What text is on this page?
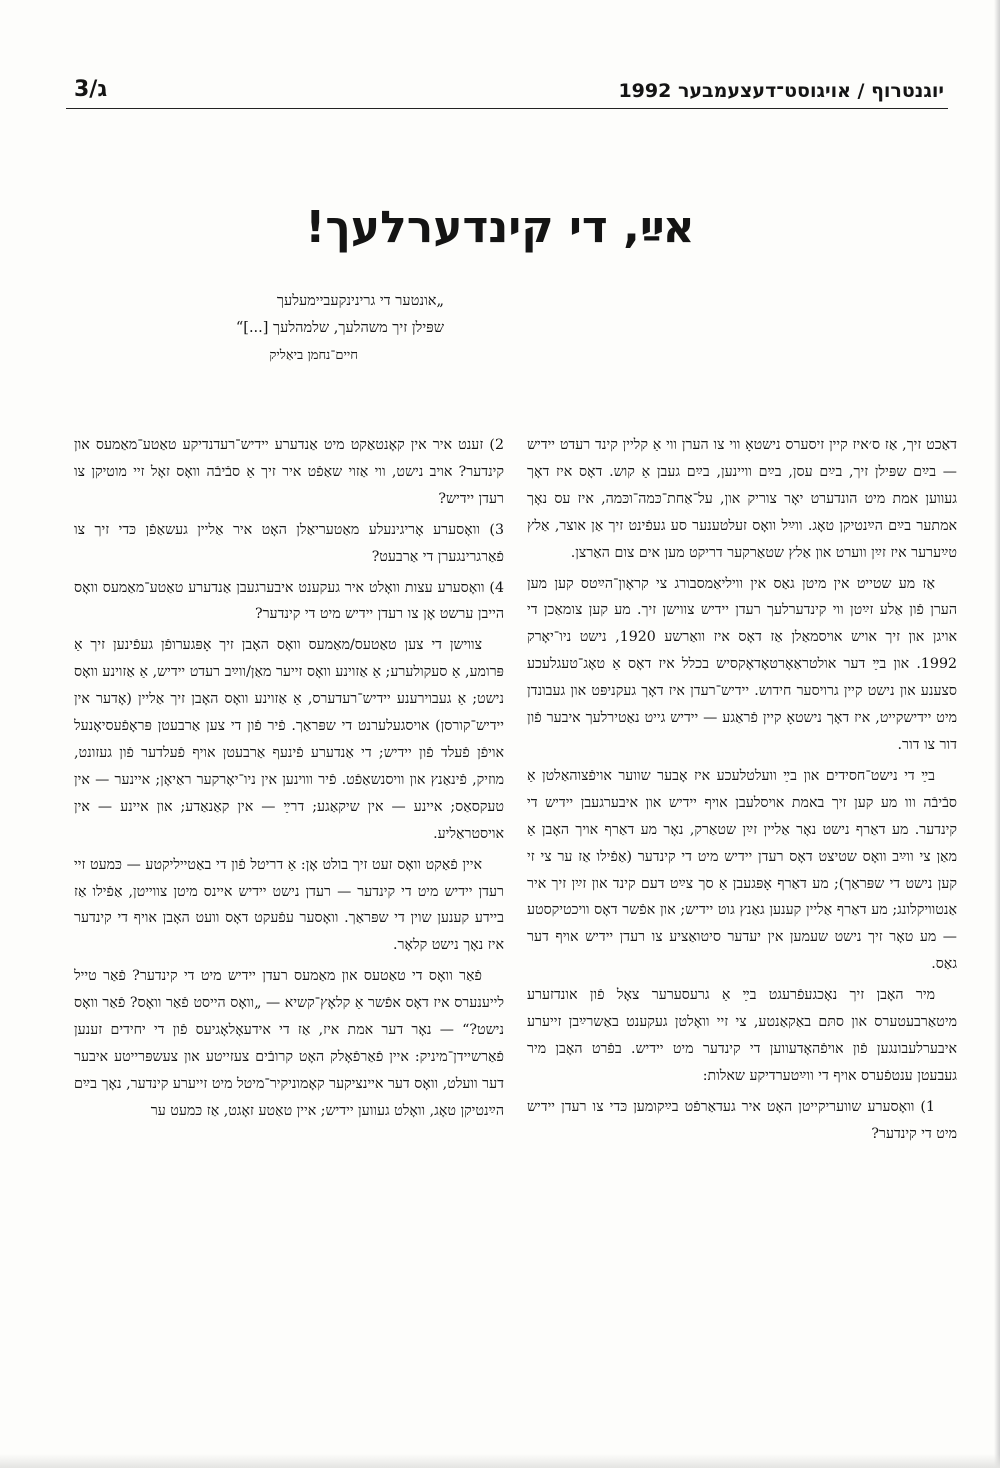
3/ג	יוגנטרוף / אויגוסט־דעצעמבער 1992
אײַ, די קינדערלעך!
„אונטער די גרינינקעביימעלעך
שפּילן זיך משהלעך, שלמהלעך [...]“
חיים־נחמן ביאַליק

דאַכט זיך, אַז ס׳איז קיין זיסערס נישטאָ ווי צו הערן ווי אַ קליין קינד רעדט יידיש — בײַם שפּילן זיך, בײַם עסן, בײַם וויינען, בײַם געבן אַ קוש. דאָס איז דאָך געווען אמת מיט הונדערט יאָר צוריק און, על־אַחת־כּמה־וכּמה, איז עס נאָך אמתער בײַם הײַנטיקן טאָג. ווײַל וואָס זעלטענער סע געפֿינט זיך אַן אוצר, אַלץ טײַערער איז זײַן ווערט און אַלץ שטאַרקער דריקט מען אים צום האַרצן.

אַז מע שטייט אין מיטן גאַס אין וויליאַמסבורג צי קראָון־הײַטס קען מען הערן פֿון אַלע זײַטן ווי קינדערלעך רעדן יידיש צווישן זיך. מע קען צומאַכן די אויגן און זיך אויש אויסמאַלן אַז דאָס איז וואַרשע 1920, נישט ניו־יאָרק 1992. און בײַ דער אולטראַאָרטאָדאָקסיש בכלל איז דאָס אַ טאָג־טעגלעכע סצענע און נישט קיין גרויסער חידוש. יידיש־רעדן איז דאָך געקניפּט און געבונדן מיט יידישקייט, איז דאָך נישטאָ קיין פֿראַגע — יידיש גייט נאַטירלעך איבער פֿון דור צו דור.

בײַ די נישט־חסידים און בײַ וועלטלעכע איז אָבער שווער אויפֿצוהאַלטן אַ סבֿיבֿה ווו מע קען זיך באמת אויסלעבן אויף יידיש און איבערגעבן יידיש די קינדער. מע דאַרף נישט נאָר אַליין זײַן שטאַרק, נאָר מע דאַרף אויך האָבן אַ מאַן צי ווײַב וואָס שטיצט דאָס רעדן יידיש מיט די קינדער (אַפֿילו אַז ער צי זי קען נישט די שפּראַך); מע דאַרף אָפּגעבן אַ סך צײַט דעם קינד און זײַן זיך איר אַנטוויקלונג; מע דאַרף אַליין קענען גאַנץ גוט יידיש; און אפֿשר דאָס וויכטיקסטע — מע טאָר זיך נישט שעמען אין יעדער סיטואַציע צו רעדן יידיש אויף דער גאַס.

מיר האָבן זיך נאָכגעפֿרעגט בײַ אַ גרעסערער צאָל פֿון אונדזערע מיטאַרבעטערס און סתּם באַקאַנטע, צי זיי וואָלטן געקענט באַשרײַבן זייערע איבערלעבונגען פֿון אויפֿהאָדעווען די קינדער מיט יידיש. בפֿרט האָבן מיר געבעטן ענטפֿערס אויף די ווײַטערדיקע שאלות:

1) וואָסערע שוועריקייטן האָט איר געדאַרפֿט בײַקומען כּדי צו רעדן יידיש מיט די קינדער?

2) זענט איר אין קאָנטאַקט מיט אַנדערע יידיש־רעדנדיקע טאַטע־מאַמעס און קינדער? אויב נישט, ווי אַזוי שאַפֿט איר זיך אַ סבֿיבֿה וואָס זאָל זיי מוטיקן צו רעדן יידיש?

3) וואָסערע אָריגינעלע מאַטעריאַלן האָט איר אַליין געשאַפֿן כּדי זיך צו פֿאַרגרינגערן די אַרבעט?

4) וואָסערע עצות וואָלט איר געקענט איבערגעבן אַנדערע טאַטע־מאַמעס וואָס הייבן ערשט אָן צו רעדן יידיש מיט די קינדער?

צווישן די צען טאַטעס/מאַמעס וואָס האָבן זיך אָפּגערופֿן געפֿינען זיך אַ פּרומע, אַ סעקולערע; אַ אַזוינע וואָס זייער מאַן/ווײַב רעדט יידיש, אַ אַזוינע וואָס נישט; אַ געבוירענע יידיש־רעדערס, אַ אַזוינע וואָס האָבן זיך אַליין (אָדער אין יידיש־קורסן) אויסגעלערנט די שפּראַך. פֿיר פֿון די צען אַרבעטן פּראָפֿעסיאָנעל אויפֿן פֿעלד פֿון יידיש; די אַנדערע פֿינעף אַרבעטן אויף פֿעלדער פֿון געזונט, מוזיק, פֿינאַנץ און וויסנשאַפֿט. פֿיר וווינען אין ניו־יאָרקער ראַיאָן; איינער — אין טעקסאַס; איינע — אין שיקאַגע; דרײַ — אין קאַנאַדע; און איינע — אין אויסטראַליע.

איין פֿאַקט וואָס זעט זיך בולט אָן: אַ דריטל פֿון די באַטייליקטע — כּמעט זיי רעדן יידיש מיט די קינדער — רעדן נישט יידיש איינס מיטן צווייטן, אַפֿילו אַז ביידע קענען שוין די שפּראַך. וואָסער עפֿעקט דאָס וועט האָבן אויף די קינדער איז נאָך נישט קלאָר.

פֿאַר וואָס די טאַטעס און מאַמעס רעדן יידיש מיט די קינדער? פֿאַר טייל לייענערס איז דאָס אפֿשר אַ קלאָץ־קשיא — „וואָס הייסט פֿאַר וואָס? פֿאַר וואָס נישט?“ — נאָר דער אמת איז, אַז די אידעאָלאָגיעס פֿון די יחידים זענען פֿאַרשיידן־מיניק: איין פֿאַרפֿאָלק האָט קרובֿים צעזייטע און צעשפּרייטע איבער דער וועלט, וואָס דער איינציקער קאָמוניקיר־מיטל מיט זייערע קינדער, נאָך בײַם הײַנטיקן טאָג, וואָלט געווען יידיש; איין טאַטע זאָגט, אַז כּמעט ער
